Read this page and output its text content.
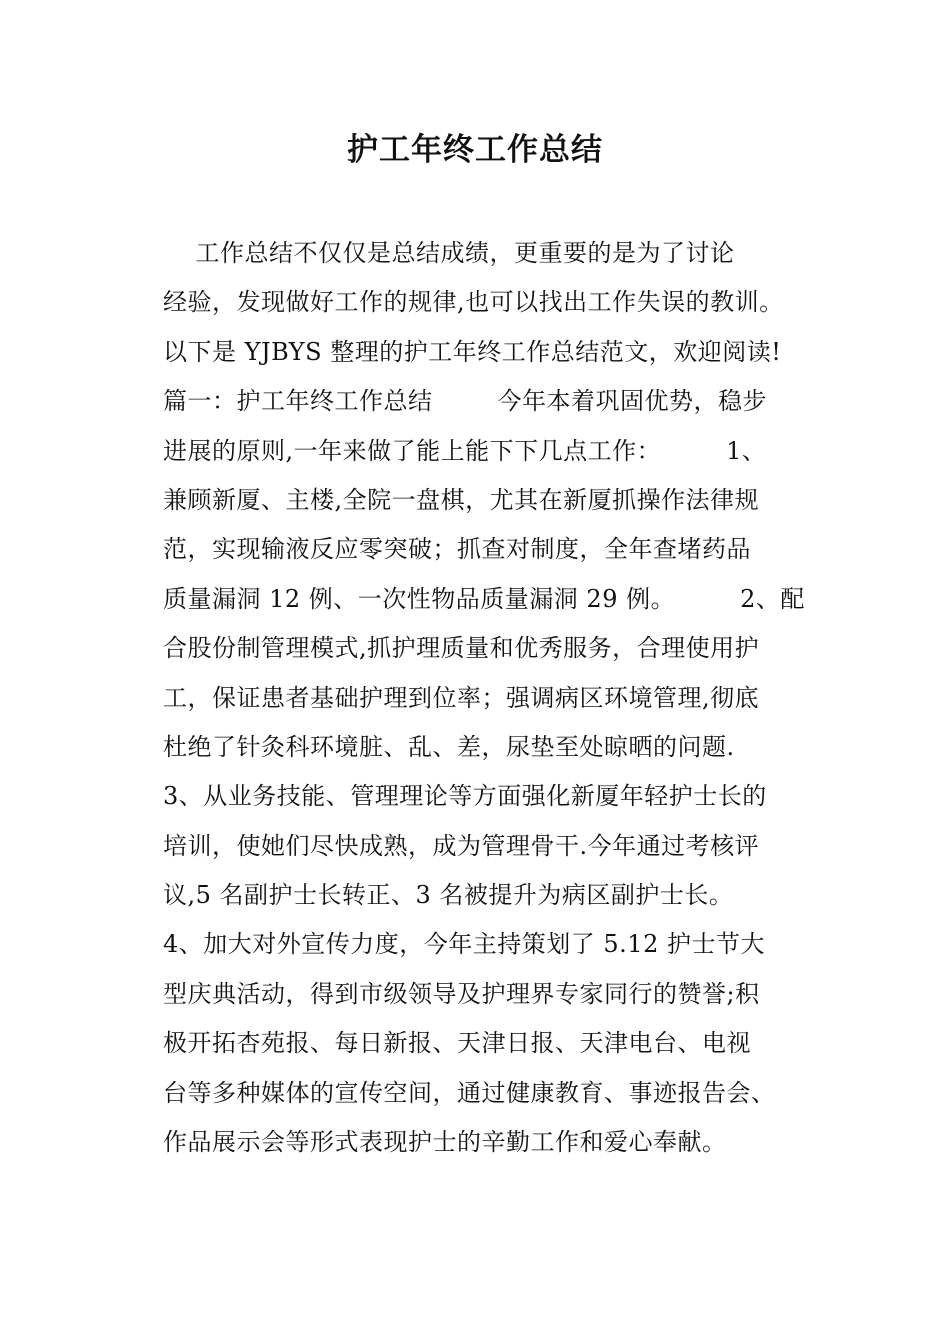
护工年终工作总结
工作总结不仅仅是总结成绩，更重要的是为了讨论
经验，发现做好工作的规律,也可以找出工作失误的教训。
以下是 YJBYS 整理的护工年终工作总结范文，欢迎阅读!
篇一：护工年终工作总结        今年本着巩固优势，稳步
进展的原则,一年来做了能上能下下几点工作：        1、
兼顾新厦、主楼,全院一盘棋，尤其在新厦抓操作法律规
范，实现输液反应零突破；抓查对制度，全年查堵药品
质量漏洞 12 例、一次性物品质量漏洞 29 例。        2、配
合股份制管理模式,抓护理质量和优秀服务，合理使用护
工，保证患者基础护理到位率；强调病区环境管理,彻底
杜绝了针灸科环境脏、乱、差，尿垫至处晾晒的问题.
3、从业务技能、管理理论等方面强化新厦年轻护士长的
培训，使她们尽快成熟，成为管理骨干.今年通过考核评
议,5 名副护士长转正、3 名被提升为病区副护士长。
4、加大对外宣传力度，今年主持策划了 5.12 护士节大
型庆典活动，得到市级领导及护理界专家同行的赞誉;积
极开拓杏苑报、每日新报、天津日报、天津电台、电视
台等多种媒体的宣传空间，通过健康教育、事迹报告会、
作品展示会等形式表现护士的辛勤工作和爱心奉献。
